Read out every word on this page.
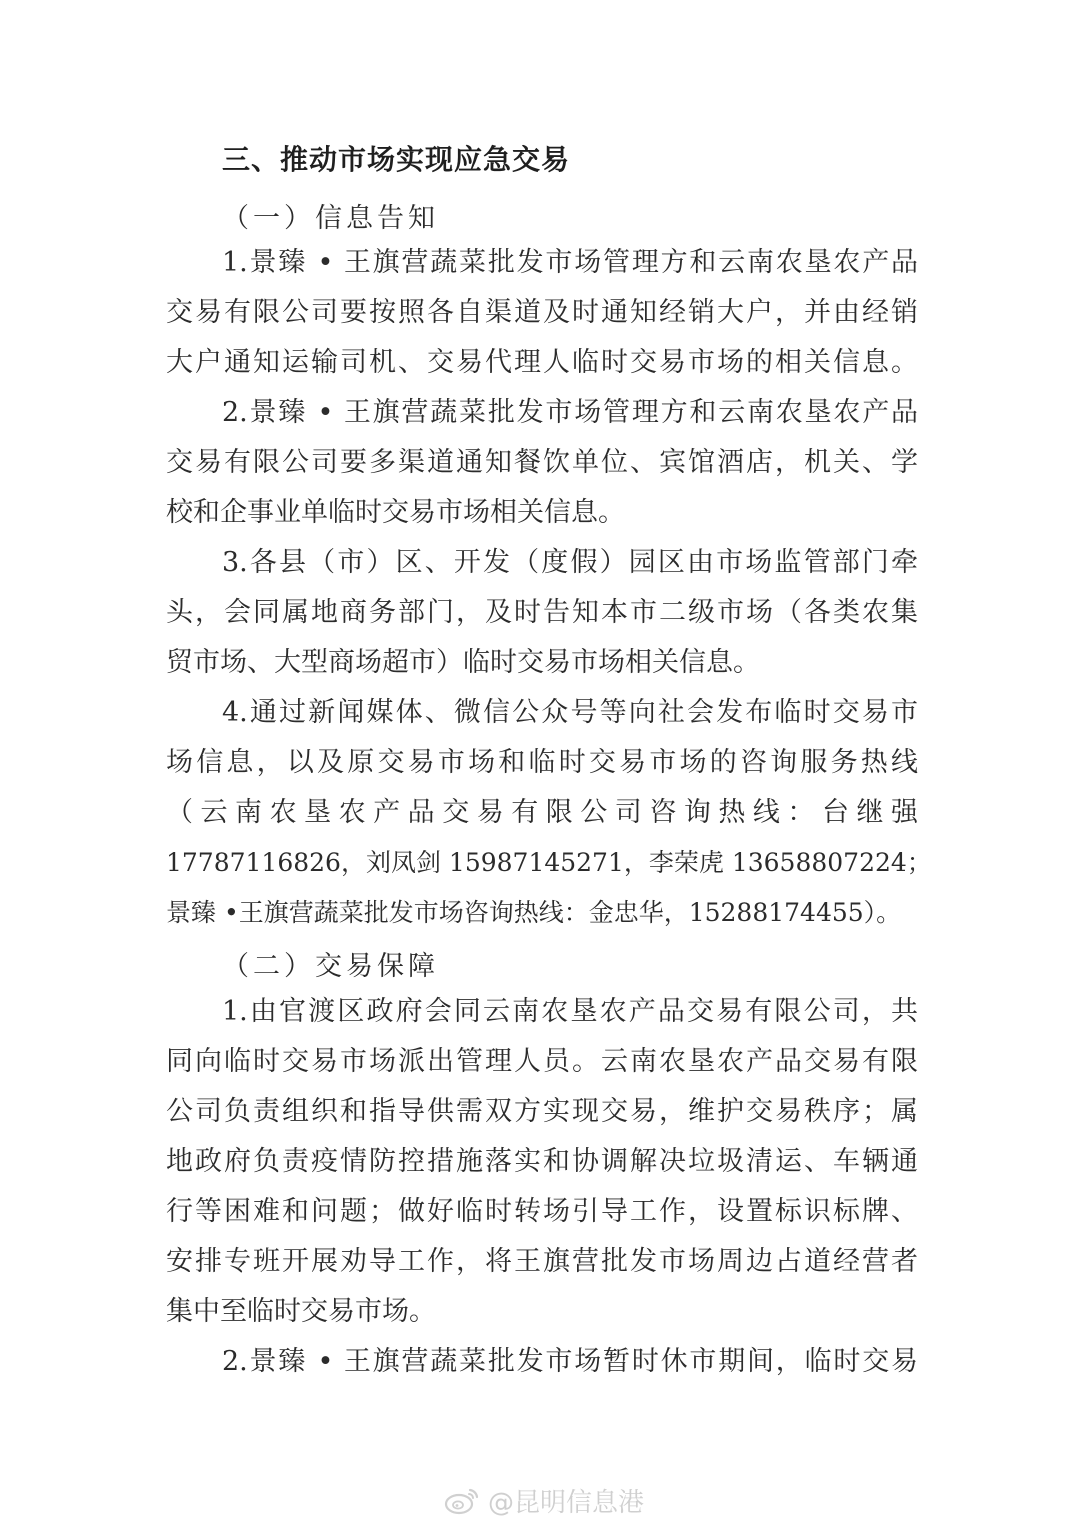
三、推动市场实现应急交易
（一）信息告知
1.景臻 • 王旗营蔬菜批发市场管理方和云南农垦农产品
交易有限公司要按照各自渠道及时通知经销大户，并由经销
大户通知运输司机、交易代理人临时交易市场的相关信息。
2.景臻 • 王旗营蔬菜批发市场管理方和云南农垦农产品
交易有限公司要多渠道通知餐饮单位、宾馆酒店，机关、学
校和企事业单临时交易市场相关信息。
3.各县（市）区、开发（度假）园区由市场监管部门牵
头，会同属地商务部门，及时告知本市二级市场（各类农集
贸市场、大型商场超市）临时交易市场相关信息。
4.通过新闻媒体、微信公众号等向社会发布临时交易市
场信息，以及原交易市场和临时交易市场的咨询服务热线
（云南农垦农产品交易有限公司咨询热线：台继强
17787116826，刘凤剑 15987145271，李荣虎 13658807224；
景臻 •王旗营蔬菜批发市场咨询热线：金忠华，15288174455）。
（二）交易保障
1.由官渡区政府会同云南农垦农产品交易有限公司，共
同向临时交易市场派出管理人员。云南农垦农产品交易有限
公司负责组织和指导供需双方实现交易，维护交易秩序；属
地政府负责疫情防控措施落实和协调解决垃圾清运、车辆通
行等困难和问题；做好临时转场引导工作，设置标识标牌、
安排专班开展劝导工作，将王旗营批发市场周边占道经营者
集中至临时交易市场。
2.景臻 • 王旗营蔬菜批发市场暂时休市期间，临时交易
@昆明信息港
